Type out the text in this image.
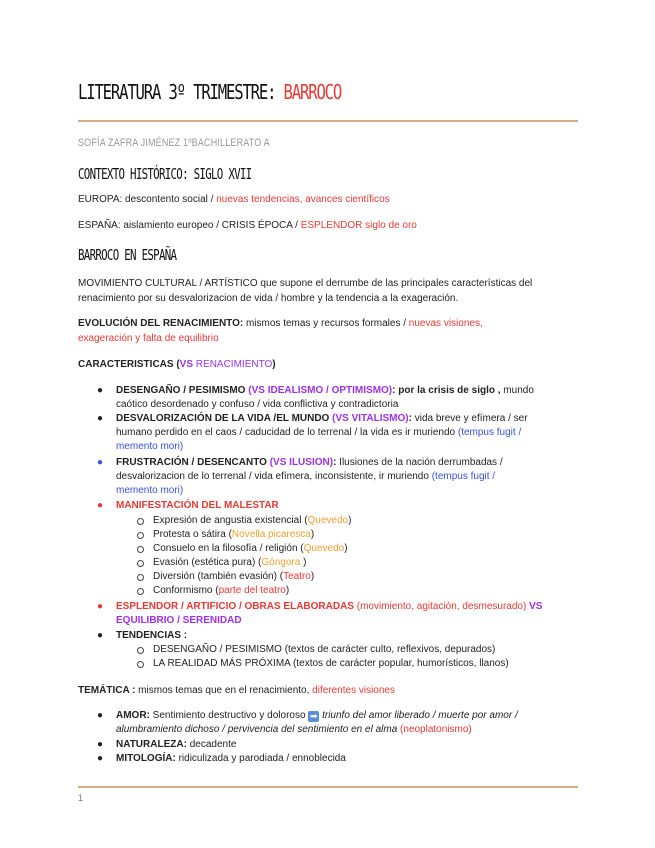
LITERATURA 3º TRIMESTRE: BARROCO
SOFÍA ZAFRA JIMÉNEZ 1ºBACHILLERATO A
CONTEXTO HISTÓRICO: SIGLO XVII
EUROPA: descontento social / nuevas tendencias, avances científicos
ESPAÑA: aislamiento europeo / CRISIS ÉPOCA / ESPLENDOR siglo de oro
BARROCO EN ESPAÑA
MOVIMIENTO CULTURAL / ARTÍSTICO que supone el derrumbe de las principales características del
renacimiento por su desvalorizacion de vida / hombre y la tendencia a la exageración.
EVOLUCIÓN DEL RENACIMIENTO: mismos temas y recursos formales / nuevas visiones,
exageración y falta de equilibrio
CARACTERISTICAS (VS RENACIMIENTO)
● DESENGAÑO / PESIMISMO (VS IDEALISMO / OPTIMISMO): por la crisis de siglo , mundo
caótico desordenado y confuso / vida conflictiva y contradictoria
● DESVALORIZACIÓN DE LA VIDA /EL MUNDO (VS VITALISMO): vida breve y efímera / ser
humano perdido en el caos / caducidad de lo terrenal / la vida es ir muriendo (tempus fugit /
memento mori)
● FRUSTRACIÓN / DESENCANTO (VS ILUSION): Ilusiones de la nación derrumbadas /
desvalorizacion de lo terrenal / vida efímera, inconsistente, ir muriendo (tempus fugit /
memento mori)
● MANIFESTACIÓN DEL MALESTAR
Expresión de angustia existencial (Quevedo)
Protesta o sátira (Novella picaresca)
Consuelo en la filosofía / religión (Quevedo)
Evasión (estética pura) (Góngora )
Diversión (también evasión) (Teatro)
Conformismo (parte del teatro)
● ESPLENDOR / ARTIFICIO / OBRAS ELABORADAS (movimiento, agitación, desmesurado) VS
EQUILIBRIO / SERENIDAD
● TENDENCIAS :
DESENGAÑO / PESIMISMO (textos de carácter culto, reflexivos, depurados)
LA REALIDAD MÁS PRÓXIMA (textos de carácter popular, humorísticos, llanos)
TEMÁTICA : mismos temas que en el renacimiento, diferentes visiones
● AMOR: Sentimiento destructivo y doloroso ➡ triunfo del amor liberado / muerte por amor /
alumbramiento dichoso / pervivencia del sentimiento en el alma (neoplatonismo)
● NATURALEZA: decadente
● MITOLOGÍA: ridiculizada y parodiada / ennoblecida
1
